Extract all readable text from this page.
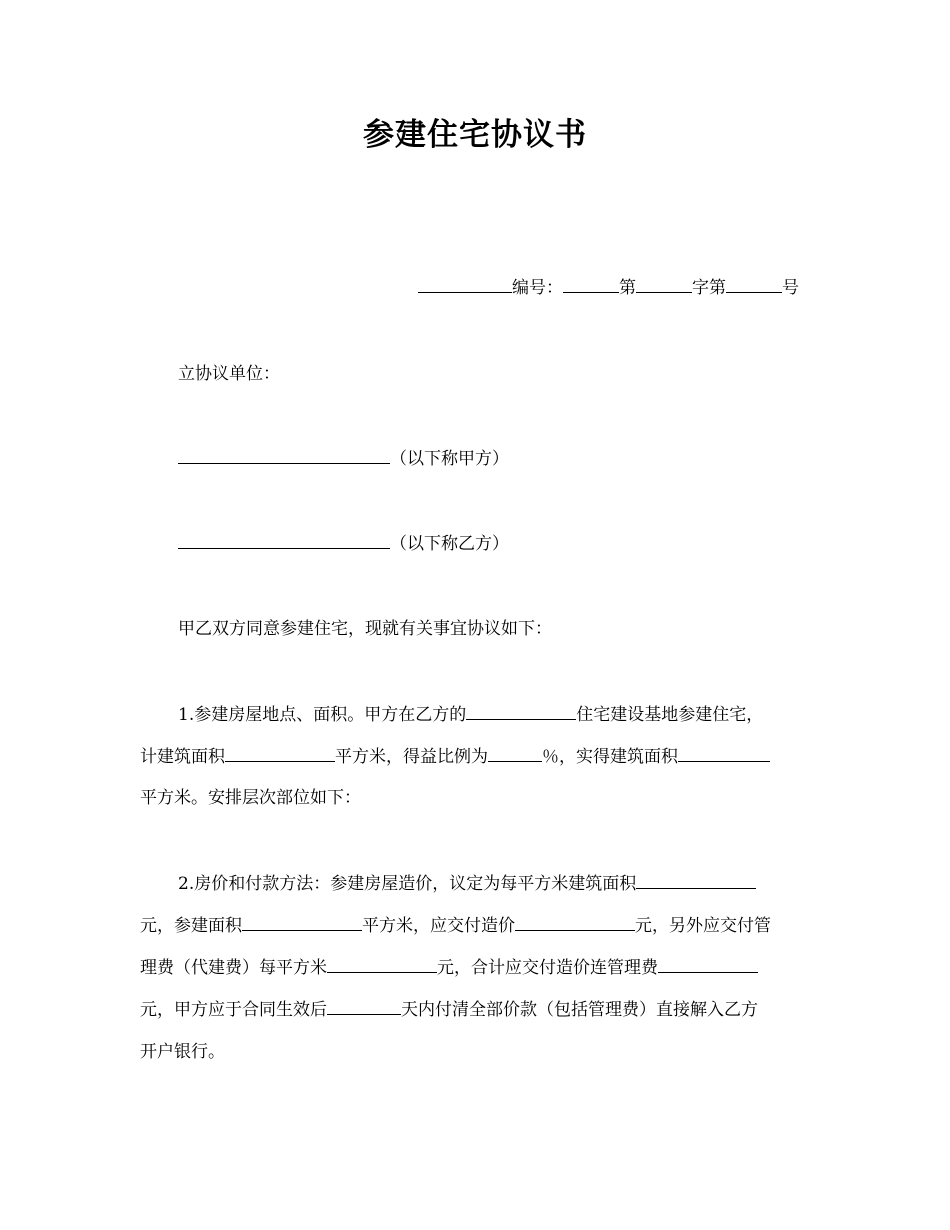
参建住宅协议书
编号：	第	字第	号
立协议单位：
（以下称甲方）
（以下称乙方）
甲乙双方同意参建住宅，现就有关事宜协议如下：
1.参建房屋地点、面积。甲方在乙方的	住宅建设基地参建住宅，
计建筑面积	平方米，得益比例为	％，实得建筑面积
平方米。安排层次部位如下：
2.房价和付款方法：参建房屋造价，议定为每平方米建筑面积
元，参建面积	平方米，应交付造价	元，另外应交付管
理费（代建费）每平方米	元，合计应交付造价连管理费
元，甲方应于合同生效后	天内付清全部价款（包括管理费）直接解入乙方
开户银行。
